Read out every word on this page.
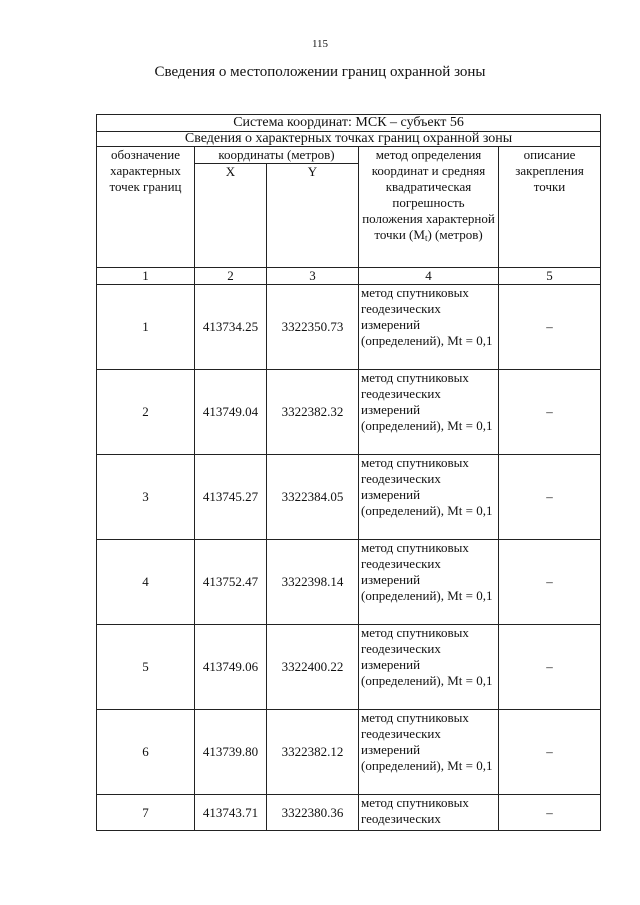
115
Сведения о местоположении границ охранной зоны
Система координат: МСК – субъект 56				
Сведения о характерных точках границ охранной зоны				
обозначение характерных точек границ	координаты (метров)		метод определения координат и средняя квадратическая погрешность положения характерной точки $(M_t)$ (метров)	описание закрепления точки
	X	Y		
1	2	3	4	5
1	413734.25	3322350.73	метод спутниковых геодезических измерений (определений), Mt = 0,1	–
2	413749.04	3322382.32	метод спутниковых геодезических измерений (определений), Mt = 0,1	–
3	413745.27	3322384.05	метод спутниковых геодезических измерений (определений), Mt = 0,1	–
4	413752.47	3322398.14	метод спутниковых геодезических измерений (определений), Mt = 0,1	–
5	413749.06	3322400.22	метод спутниковых геодезических измерений (определений), Mt = 0,1	–
6	413739.80	3322382.12	метод спутниковых геодезических измерений (определений), Mt = 0,1	–
7	413743.71	3322380.36	метод спутниковых геодезических	–
